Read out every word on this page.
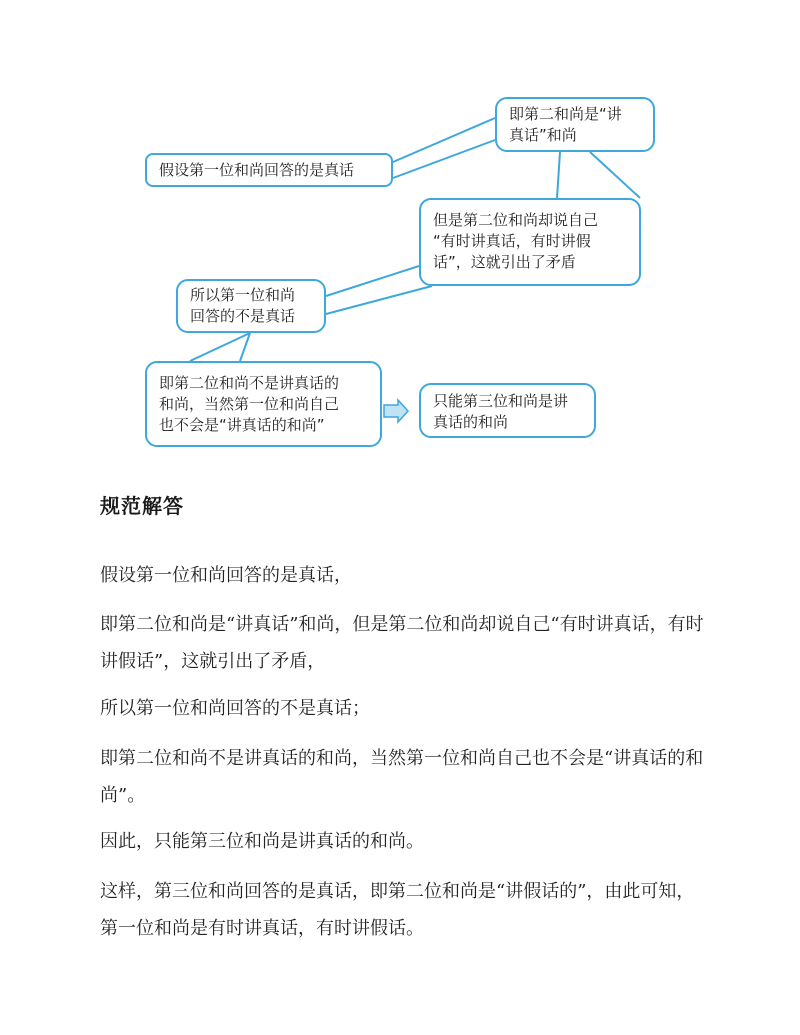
假设第一位和尚回答的是真话
即第二和尚是“讲
真话”和尚
但是第二位和尚却说自己
“有时讲真话，有时讲假
话”，这就引出了矛盾
所以第一位和尚
回答的不是真话
即第二位和尚不是讲真话的
和尚，当然第一位和尚自己
也不会是“讲真话的和尚”
只能第三位和尚是讲
真话的和尚
规范解答

假设第一位和尚回答的是真话，

即第二位和尚是“讲真话”和尚，但是第二位和尚却说自己“有时讲真话，有时讲假话”，这就引出了矛盾，

所以第一位和尚回答的不是真话；

即第二位和尚不是讲真话的和尚，当然第一位和尚自己也不会是“讲真话的和尚”。

因此，只能第三位和尚是讲真话的和尚。

这样，第三位和尚回答的是真话，即第二位和尚是“讲假话的”，由此可知，第一位和尚是有时讲真话，有时讲假话。
